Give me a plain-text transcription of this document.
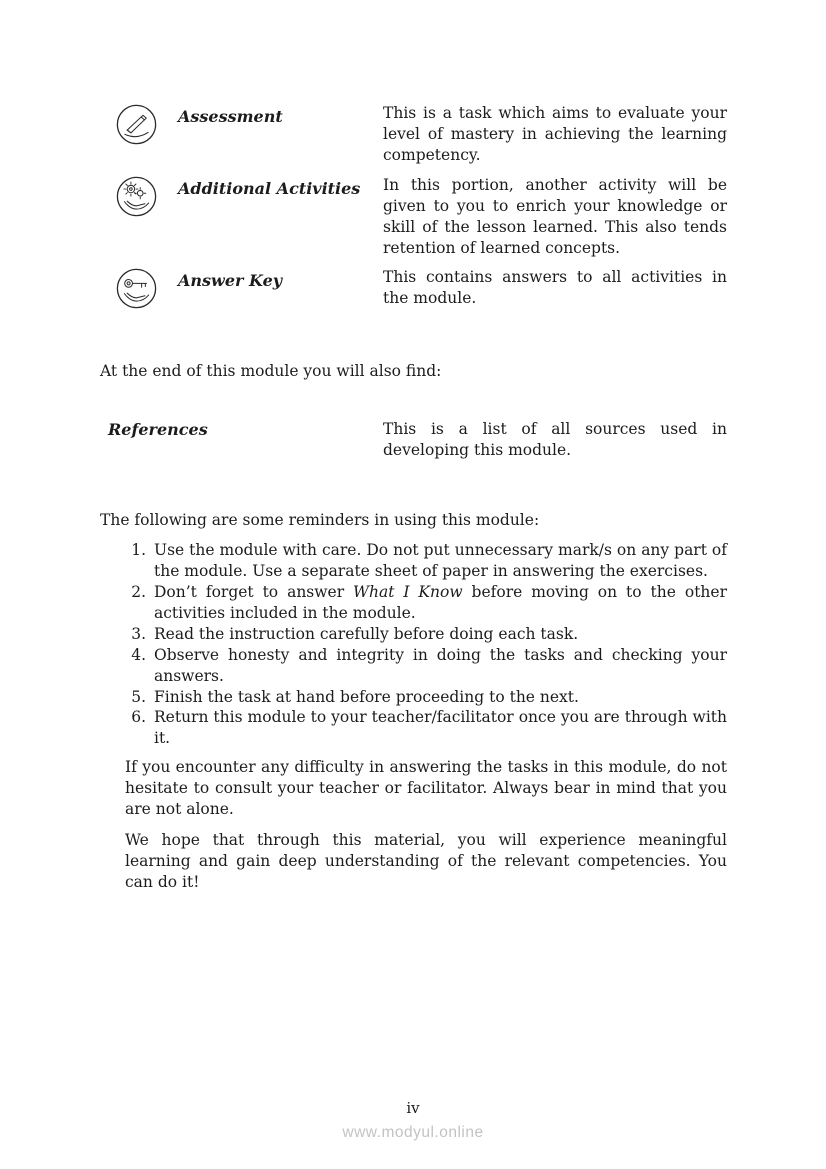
Assessment	This is a task which aims to evaluate your level of mastery in achieving the learning competency.
Additional Activities	In this portion, another activity will be given to you to enrich your knowledge or skill of the lesson learned. This also tends retention of learned concepts.
Answer Key	This contains answers to all activities in the module.

At the end of this module you will also find:

References	This is a list of all sources used in developing this module.

The following are some reminders in using this module:

1. Use the module with care. Do not put unnecessary mark/s on any part of the module. Use a separate sheet of paper in answering the exercises.
2. Don’t forget to answer What I Know before moving on to the other activities included in the module.
3. Read the instruction carefully before doing each task.
4. Observe honesty and integrity in doing the tasks and checking your answers.
5. Finish the task at hand before proceeding to the next.
6. Return this module to your teacher/facilitator once you are through with it.

If you encounter any difficulty in answering the tasks in this module, do not hesitate to consult your teacher or facilitator. Always bear in mind that you are not alone.

We hope that through this material, you will experience meaningful learning and gain deep understanding of the relevant competencies. You can do it!

iv
www.modyul.online
